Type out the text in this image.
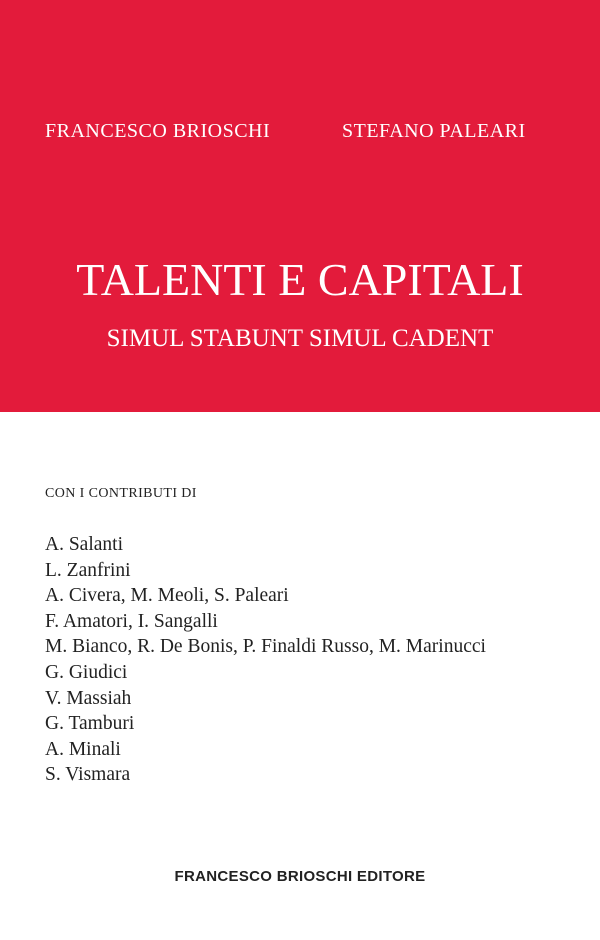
FRANCESCO BRIOSCHI	STEFANO PALEARI
TALENTI E CAPITALI
SIMUL STABUNT SIMUL CADENT
CON I CONTRIBUTI DI
A. Salanti
L. Zanfrini
A. Civera, M. Meoli, S. Paleari
F. Amatori, I. Sangalli
M. Bianco, R. De Bonis, P. Finaldi Russo, M. Marinucci
G. Giudici
V. Massiah
G. Tamburi
A. Minali
S. Vismara
FRANCESCO BRIOSCHI EDITORE
